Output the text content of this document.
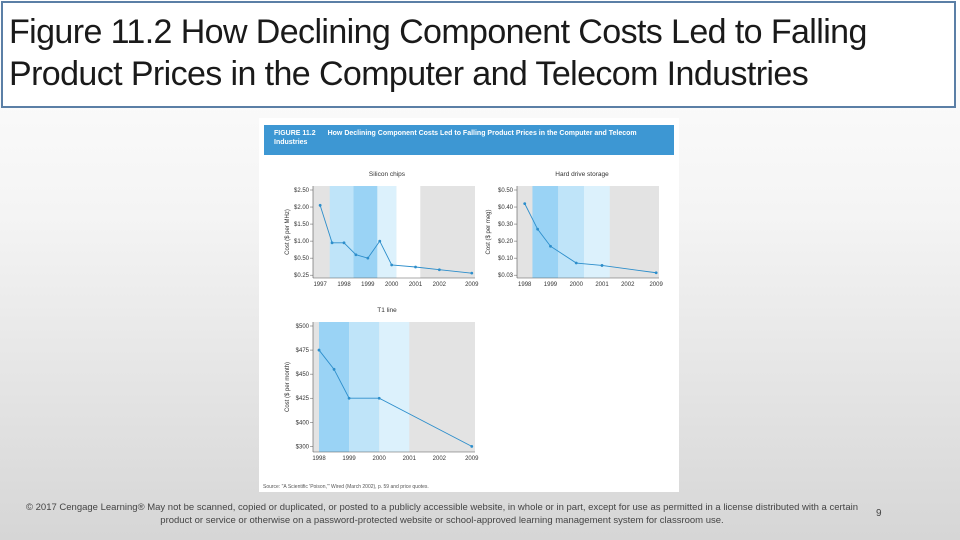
Figure 11.2 How Declining Component Costs Led to Falling
Product Prices in the Computer and Telecom Industries
FIGURE 11.2 How Declining Component Costs Led to Falling Product Prices in the Computer and Telecom Industries
$2.50
$2.00
$1.50
$1.00
$0.50
$0.25
1997 1998 1999 2000 2001 2002	2009
Silicon chips
Cost ($ per MHz)
$0.50
$0.40
$0.30
$0.20
$0.10
$0.03
1998 1999 2000 2001 2002	2009
Hard drive storage
Cost ($ per meg)
$500
$475
$450
$425
$400
$300
1998	1999	2000	2001	2002	2009
T1 line
Cost ($ per month)
Source: "A Scientific 'Poison,'" Wired (March 2002), p. 59 and price quotes.
© 2017 Cengage Learning® May not be scanned, copied or duplicated, or posted to a publicly accessible website, in whole or in part, except for use as permitted in a license distributed with a certain product or service or otherwise on a password-protected website or school-approved learning management system for classroom use.
9
